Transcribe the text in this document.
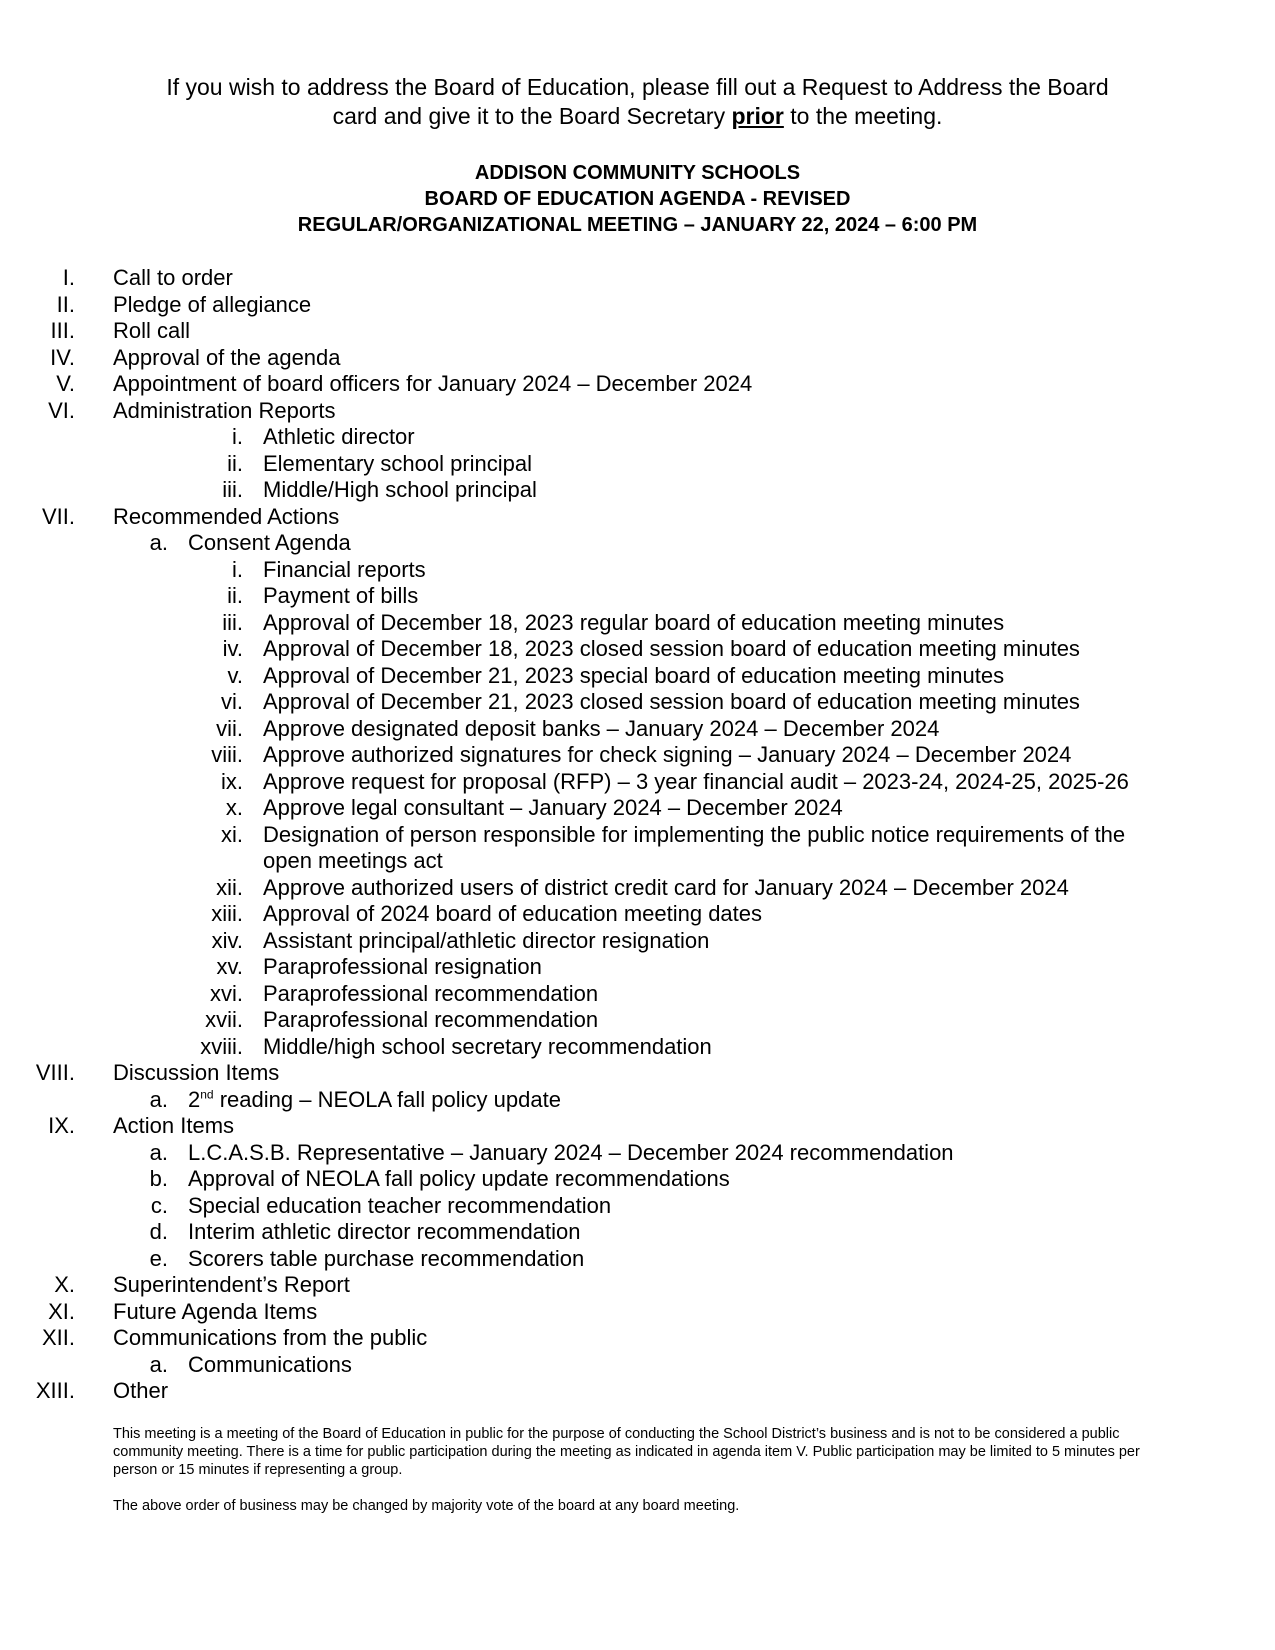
If you wish to address the Board of Education, please fill out a Request to Address the Board
card and give it to the Board Secretary prior to the meeting.
ADDISON COMMUNITY SCHOOLS
BOARD OF EDUCATION AGENDA - REVISED
REGULAR/ORGANIZATIONAL MEETING – JANUARY 22, 2024 – 6:00 PM
I. Call to order
II. Pledge of allegiance
III. Roll call
IV. Approval of the agenda
V. Appointment of board officers for January 2024 – December 2024
VI. Administration Reports
i. Athletic director
ii. Elementary school principal
iii. Middle/High school principal
VII. Recommended Actions
a. Consent Agenda
i. Financial reports
ii. Payment of bills
iii. Approval of December 18, 2023 regular board of education meeting minutes
iv. Approval of December 18, 2023 closed session board of education meeting minutes
v. Approval of December 21, 2023 special board of education meeting minutes
vi. Approval of December 21, 2023 closed session board of education meeting minutes
vii. Approve designated deposit banks – January 2024 – December 2024
viii. Approve authorized signatures for check signing – January 2024 – December 2024
ix. Approve request for proposal (RFP) – 3 year financial audit – 2023-24, 2024-25, 2025-26
x. Approve legal consultant – January 2024 – December 2024
xi. Designation of person responsible for implementing the public notice requirements of the open meetings act
xii. Approve authorized users of district credit card for January 2024 – December 2024
xiii. Approval of 2024 board of education meeting dates
xiv. Assistant principal/athletic director resignation
xv. Paraprofessional resignation
xvi. Paraprofessional recommendation
xvii. Paraprofessional recommendation
xviii. Middle/high school secretary recommendation
VIII. Discussion Items
a. 2nd reading – NEOLA fall policy update
IX. Action Items
a. L.C.A.S.B. Representative – January 2024 – December 2024 recommendation
b. Approval of NEOLA fall policy update recommendations
c. Special education teacher recommendation
d. Interim athletic director recommendation
e. Scorers table purchase recommendation
X. Superintendent’s Report
XI. Future Agenda Items
XII. Communications from the public
a. Communications
XIII. Other

This meeting is a meeting of the Board of Education in public for the purpose of conducting the School District’s business and is not to be considered a public community meeting. There is a time for public participation during the meeting as indicated in agenda item V. Public participation may be limited to 5 minutes per person or 15 minutes if representing a group.

The above order of business may be changed by majority vote of the board at any board meeting.
